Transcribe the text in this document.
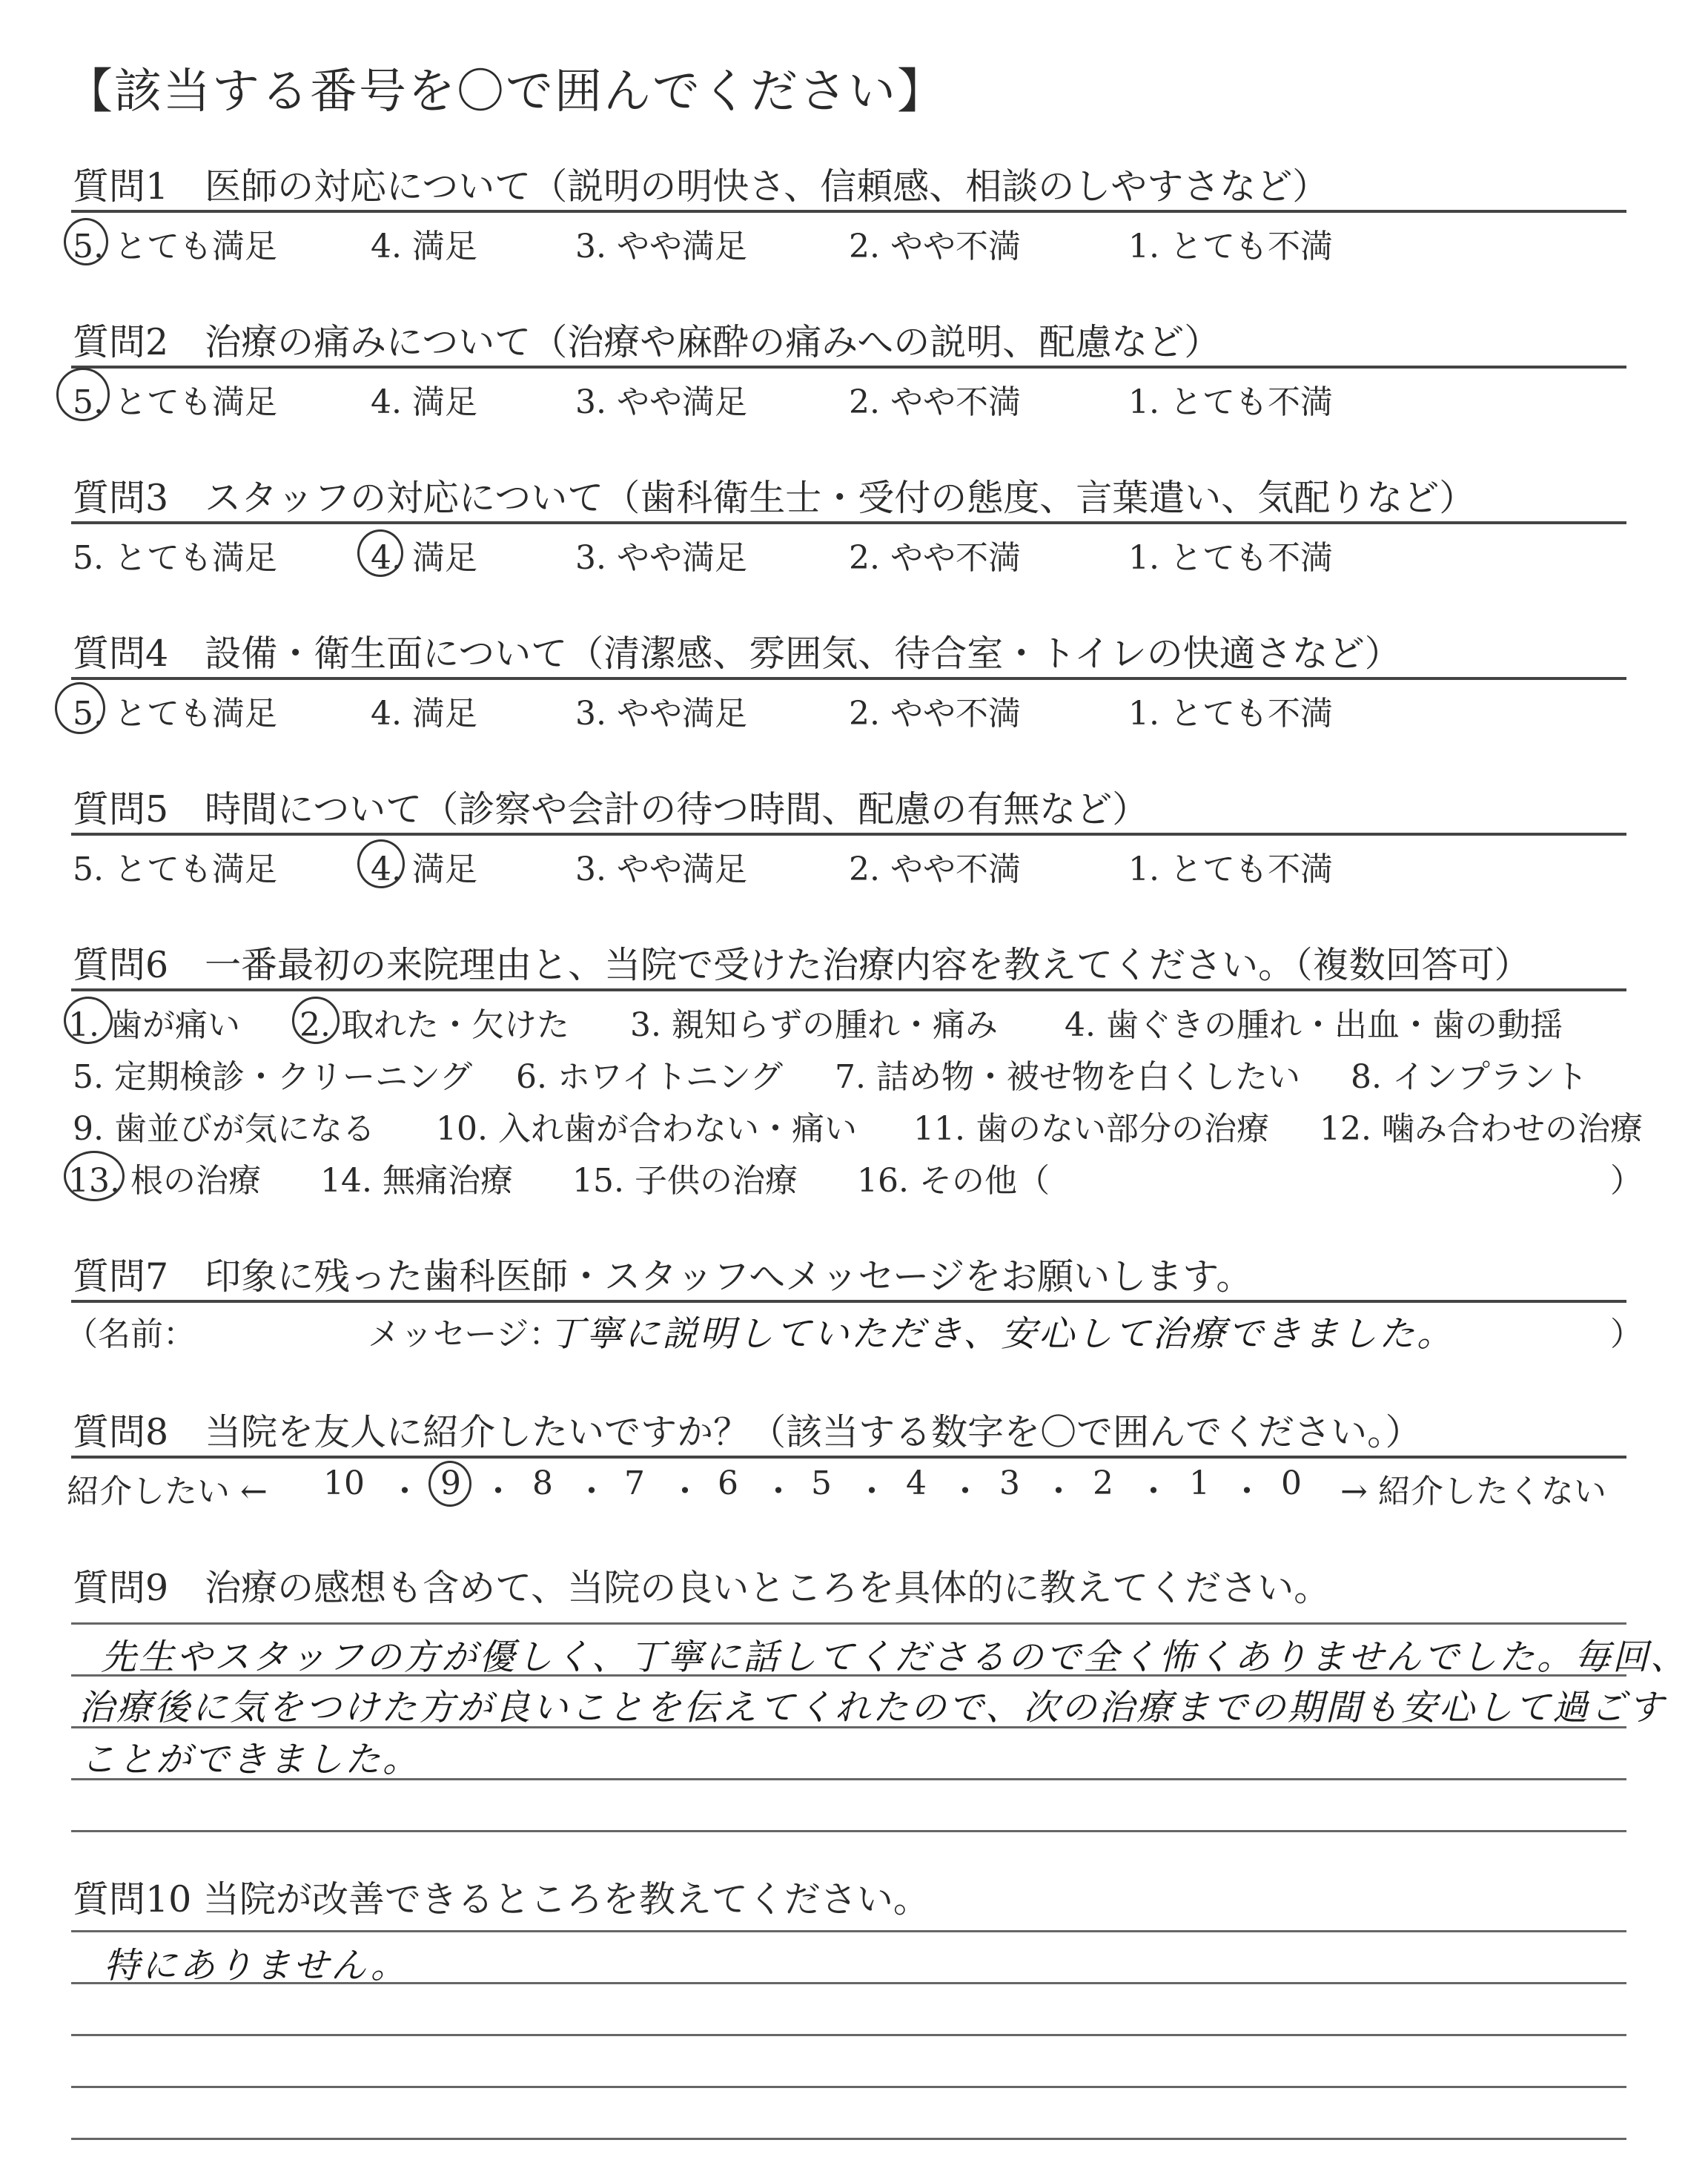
【該当する番号を〇で囲んでください】
質問1　医師の対応について（説明の明快さ、信頼感、相談のしやすさなど）
5. とても満足	4. 満足	3. やや満足	2. やや不満	1. とても不満
質問2　治療の痛みについて（治療や麻酔の痛みへの説明、配慮など）
5. とても満足	4. 満足	3. やや満足	2. やや不満	1. とても不満
質問3　スタッフの対応について（歯科衛生士・受付の態度、言葉遣い、気配りなど）
5. とても満足	4. 満足	3. やや満足	2. やや不満	1. とても不満
質問4　設備・衛生面について（清潔感、雰囲気、待合室・トイレの快適さなど）
5. とても満足	4. 満足	3. やや満足	2. やや不満	1. とても不満
質問5　時間について（診察や会計の待つ時間、配慮の有無など）
5. とても満足	4. 満足	3. やや満足	2. やや不満	1. とても不満
質問6　一番最初の来院理由と、当院で受けた治療内容を教えてください。（複数回答可）
1. 歯が痛い 2. 取れた・欠けた 3. 親知らずの腫れ・痛み 4. 歯ぐきの腫れ・出血・歯の動揺
5. 定期検診・クリーニング 6. ホワイトニング 7. 詰め物・被せ物を白くしたい 8. インプラント
9. 歯並びが気になる 10. 入れ歯が合わない・痛い 11. 歯のない部分の治療 12. 噛み合わせの治療
13. 根の治療 14. 無痛治療 15. 子供の治療 16. その他（	）
質問7　印象に残った歯科医師・スタッフへメッセージをお願いします。
（名前：	メッセージ：
丁寧に説明していただき、安心して治療できました。	）
質問8　当院を友人に紹介したいですか？（該当する数字を〇で囲んでください。）
紹介したい ← 10 9 8 7 6 5 4 3 2 1 0
・ ・ ・ ・ ・ ・ ・ ・ ・ ・ → 紹介したくない
質問9　治療の感想も含めて、当院の良いところを具体的に教えてください。
先生やスタッフの方が優しく、丁寧に話してくださるので全く怖くありませんでした。毎回、
治療後に気をつけた方が良いことを伝えてくれたので、次の治療までの期間も安心して過ごす
ことができました。
質問10 当院が改善できるところを教えてください。
特にありません。
